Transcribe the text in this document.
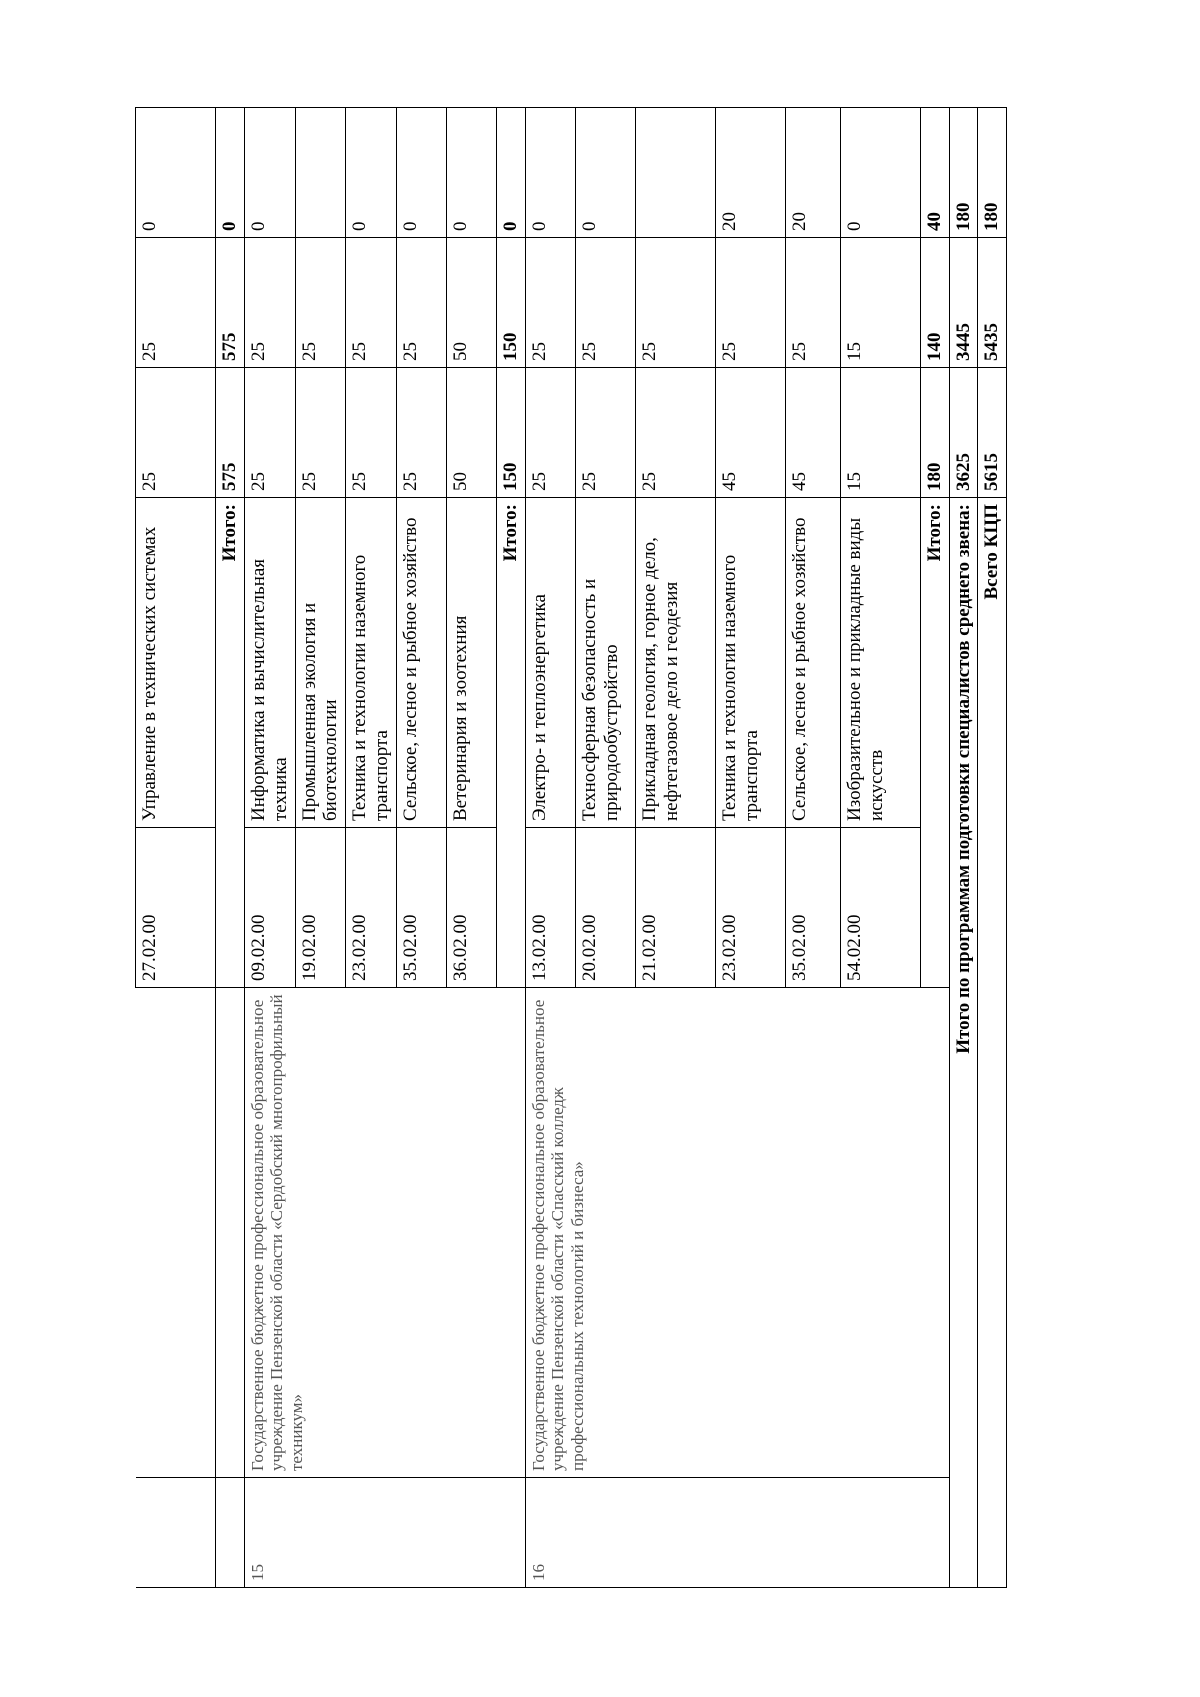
		27.02.00	Управление в технических системах	25	25	0
		Итого:		575	575	0
15	Государственное бюджетное профессиональное образовательное учреждение Пензенской области «Сердобский многопрофильный техникум»	09.02.00	Информатика и вычислительная техника	25	25	0
		19.02.00	Промышленная экология и биотехнологии	25	25	
		23.02.00	Техника и технологии наземного транспорта	25	25	0
		35.02.00	Сельское, лесное и рыбное хозяйство	25	25	0
		36.02.00	Ветеринария и зоотехния	50	50	0
		Итого:		150	150	0
16	Государственное бюджетное профессиональное образовательное учреждение Пензенской области «Спасский колледж профессиональных технологий и бизнеса»	13.02.00	Электро- и теплоэнергетика	25	25	0
		20.02.00	Техносферная безопасность и природообустройство	25	25	0
		21.02.00	Прикладная геология, горное дело, нефтегазовое дело и геодезия	25	25	
		23.02.00	Техника и технологии наземного транспорта	45	25	20
		35.02.00	Сельское, лесное и рыбное хозяйство	45	25	20
		54.02.00	Изобразительное и прикладные виды искусств	15	15	0
		Итого:		180	140	40
Итого по программам подготовки специалистов среднего звена:				3625	3445	180
Всего КЦП				5615	5435	180
